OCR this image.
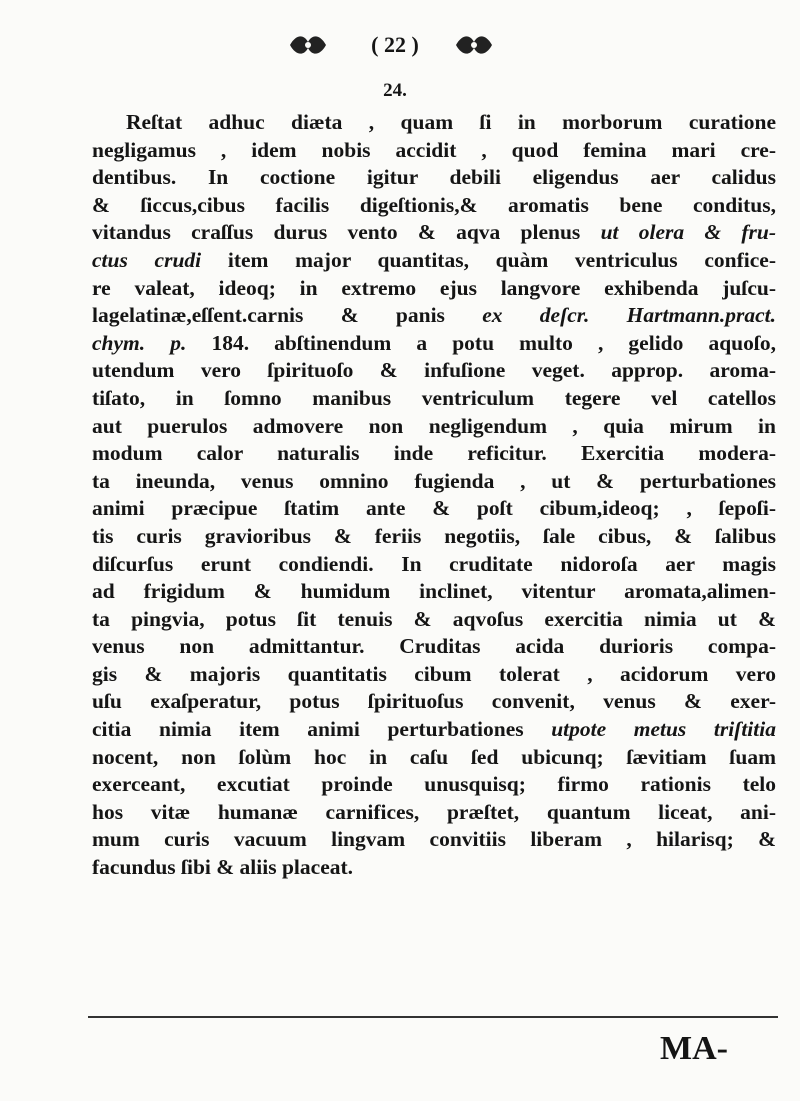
( 22 )
24.
Reſtat adhuc diæta , quam ſi in morborum curatione
negligamus , idem nobis accidit , quod femina mari cre-
dentibus. In coctione igitur debili eligendus aer calidus
& ſiccus,cibus facilis digeſtionis,& aromatis bene conditus,
vitandus craſſus durus vento & aqva plenus ut olera & fru-
ctus crudi item major quantitas, quàm ventriculus confice-
re valeat, ideoq; in extremo ejus langvore exhibenda juſcu-
lagelatinæ,eſſent.carnis & panis ex deſcr. Hartmann.pract.
chym. p. 184. abſtinendum a potu multo , gelido aquoſo,
utendum vero ſpirituoſo & infuſione veget. approp. aroma-
tiſato, in ſomno manibus ventriculum tegere vel catellos
aut puerulos admovere non negligendum , quia mirum in
modum calor naturalis inde reficitur. Exercitia modera-
ta ineunda, venus omnino fugienda , ut & perturbationes
animi præcipue ſtatim ante & poſt cibum,ideoq; , ſepoſi-
tis curis gravioribus & feriis negotiis, ſale cibus, & ſalibus
diſcurſus erunt condiendi. In cruditate nidoroſa aer magis
ad frigidum & humidum inclinet, vitentur aromata,alimen-
ta pingvia, potus ſit tenuis & aqvoſus exercitia nimia ut &
venus non admittantur. Cruditas acida durioris compa-
gis & majoris quantitatis cibum tolerat , acidorum vero
uſu exaſperatur, potus ſpirituoſus convenit, venus & exer-
citia nimia item animi perturbationes utpote metus triſtitia
nocent, non ſolùm hoc in caſu ſed ubicunq; ſævitiam ſuam
exerceant, excutiat proinde unusquisq; firmo rationis telo
hos vitæ humanæ carnifices, præſtet, quantum liceat, ani-
mum curis vacuum lingvam convitiis liberam , hilarisq; &
facundus ſibi & aliis placeat.
MA-
